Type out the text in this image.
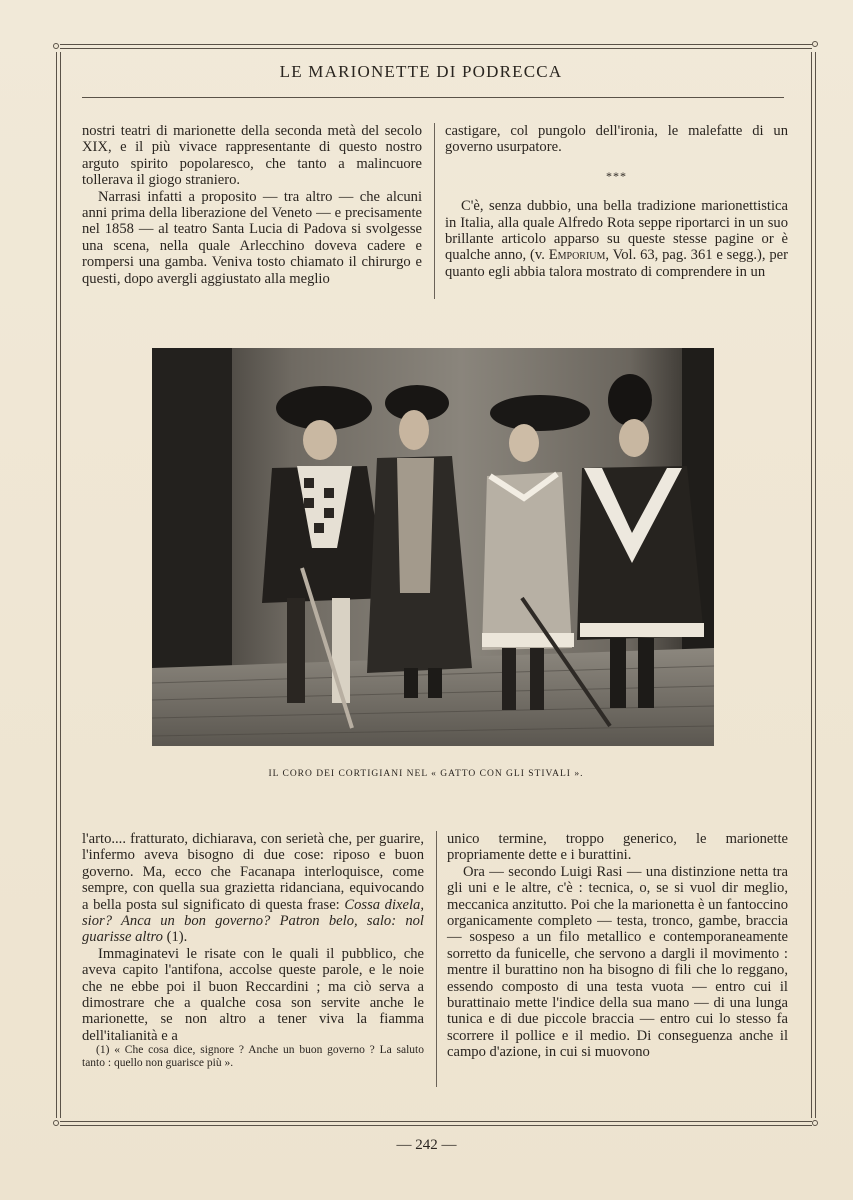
LE MARIONETTE DI PODRECCA

nostri teatri di marionette della seconda metà del secolo XIX, e il più vivace rappresentante di questo nostro arguto spirito popolaresco, che tanto a malincuore tollerava il giogo straniero.

Narrasi infatti a proposito — tra altro — che alcuni anni prima della liberazione del Veneto — e precisamente nel 1858 — al teatro Santa Lucia di Padova si svolgesse una scena, nella quale Arlecchino doveva cadere e rompersi una gamba. Veniva tosto chiamato il chirurgo e questi, dopo avergli aggiustato alla meglio

castigare, col pungolo dell'ironia, le malefatte di un governo usurpatore.

***

C'è, senza dubbio, una bella tradizione marionettistica in Italia, alla quale Alfredo Rota seppe riportarci in un suo brillante articolo apparso su queste stesse pagine or è qualche anno, (v. Emporium, Vol. 63, pag. 361 e segg.), per quanto egli abbia talora mostrato di comprendere in un

IL CORO DEI CORTIGIANI NEL « GATTO CON GLI STIVALI ».

l'arto.... fratturato, dichiarava, con serietà che, per guarire, l'infermo aveva bisogno di due cose: riposo e buon governo. Ma, ecco che Facanapa interloquisce, come sempre, con quella sua grazietta ridanciana, equivocando a bella posta sul significato di questa frase: Cossa dixela, sior? Anca un bon governo? Patron belo, salo: nol guarisse altro (1).

Immaginatevi le risate con le quali il pubblico, che aveva capito l'antifona, accolse queste parole, e le noie che ne ebbe poi il buon Reccardini ; ma ciò serva a dimostrare che a qualche cosa son servite anche le marionette, se non altro a tener viva la fiamma dell'italianità e a

(1) « Che cosa dice, signore ? Anche un buon governo ? La saluto tanto : quello non guarisce più ».

unico termine, troppo generico, le marionette propriamente dette e i burattini.

Ora — secondo Luigi Rasi — una distinzione netta tra gli uni e le altre, c'è : tecnica, o, se si vuol dir meglio, meccanica anzitutto. Poi che la marionetta è un fantoccino organicamente completo — testa, tronco, gambe, braccia — sospeso a un filo metallico e contemporaneamente sorretto da funicelle, che servono a dargli il movimento : mentre il burattino non ha bisogno di fili che lo reggano, essendo composto di una testa vuota — entro cui il burattinaio mette l'indice della sua mano — di una lunga tunica e di due piccole braccia — entro cui lo stesso fa scorrere il pollice e il medio. Di conseguenza anche il campo d'azione, in cui si muovono

— 242 —
